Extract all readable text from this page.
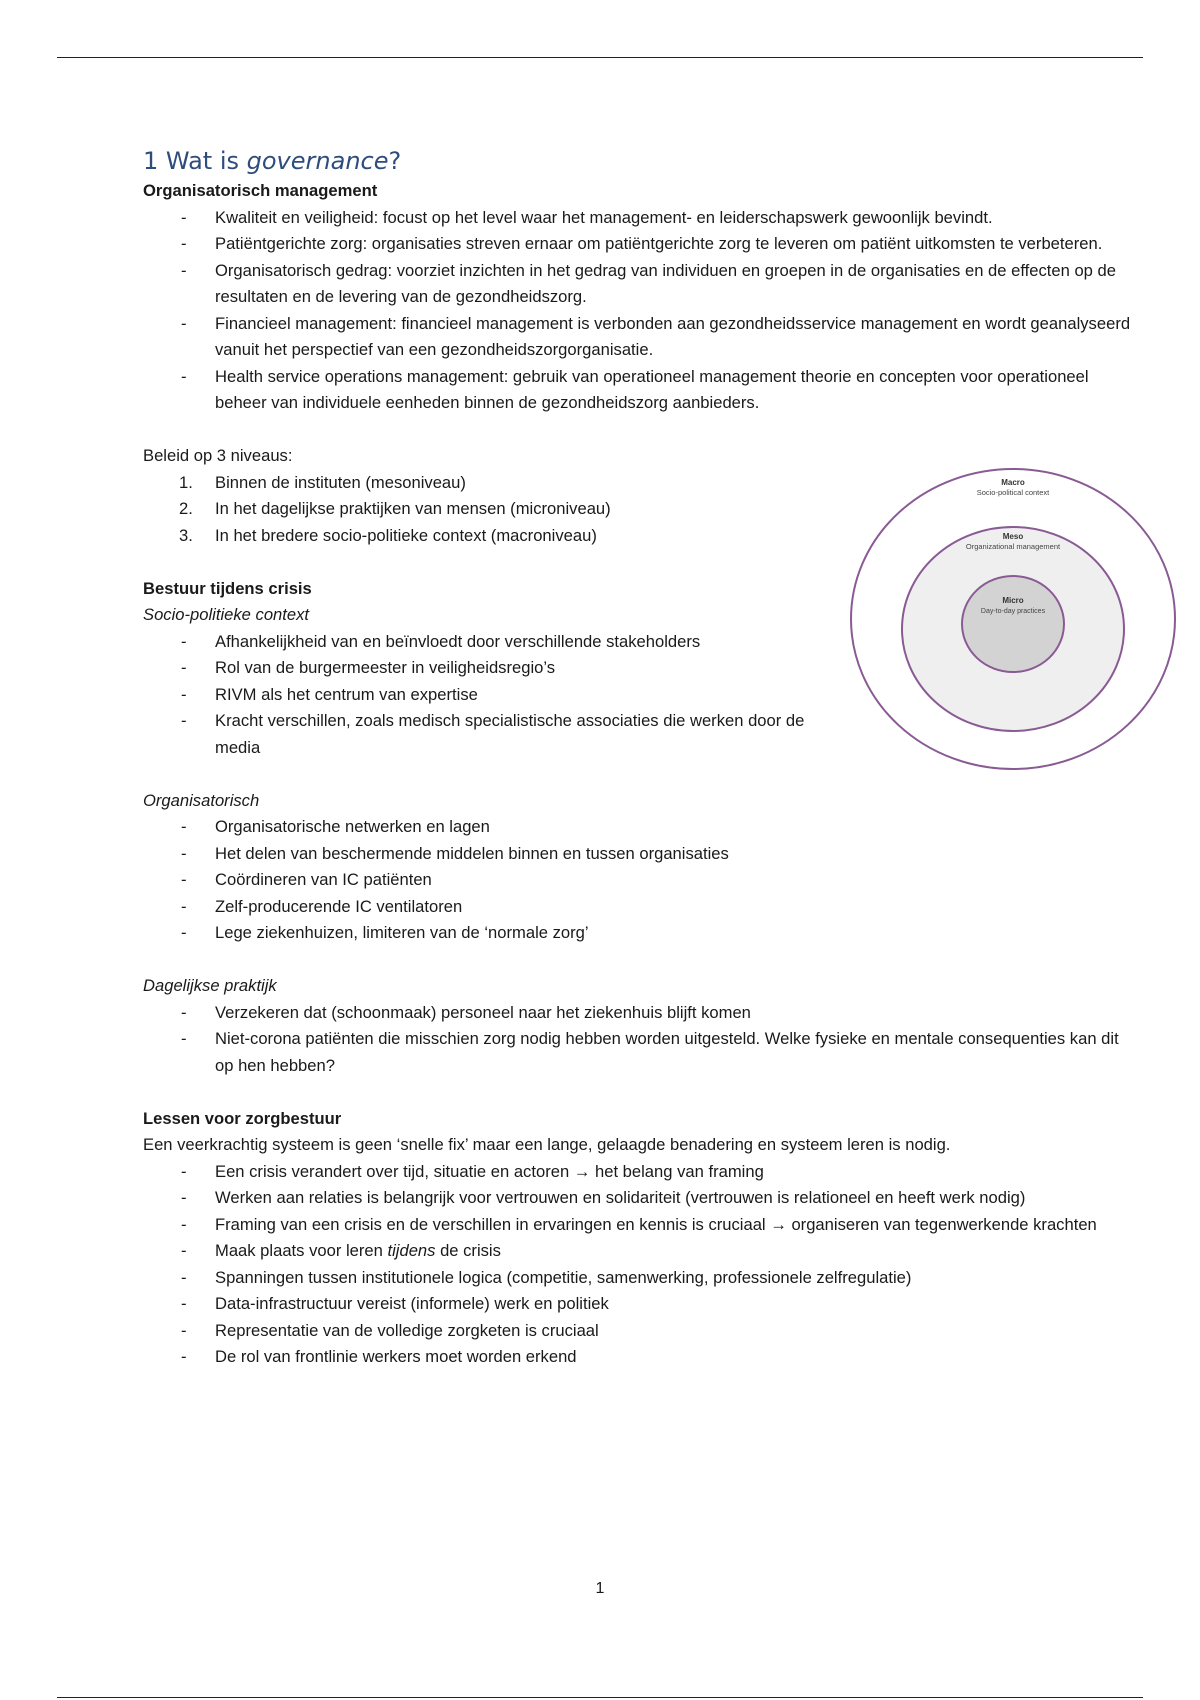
1 Wat is governance?

Organisatorisch management

- Kwaliteit en veiligheid: focust op het level waar het management- en leiderschapswerk gewoonlijk bevindt.
- Patiëntgerichte zorg: organisaties streven ernaar om patiëntgerichte zorg te leveren om patiënt uitkomsten te verbeteren.
- Organisatorisch gedrag: voorziet inzichten in het gedrag van individuen en groepen in de organisaties en de effecten op de resultaten en de levering van de gezondheidszorg.
- Financieel management: financieel management is verbonden aan gezondheidsservice management en wordt geanalyseerd vanuit het perspectief van een gezondheidszorgorganisatie.
- Health service operations management: gebruik van operationeel management theorie en concepten voor operationeel beheer van individuele eenheden binnen de gezondheidszorg aanbieders.

Beleid op 3 niveaus:

1. Binnen de instituten (mesoniveau)
2. In het dagelijkse praktijken van mensen (microniveau)
3. In het bredere socio-politieke context (macroniveau)

Bestuur tijdens crisis

Socio-politieke context

- Afhankelijkheid van en beïnvloedt door verschillende stakeholders
- Rol van de burgermeester in veiligheidsregio’s
- RIVM als het centrum van expertise
- Kracht verschillen, zoals medisch specialistische associaties die werken door de media

Organisatorisch

- Organisatorische netwerken en lagen
- Het delen van beschermende middelen binnen en tussen organisaties
- Coördineren van IC patiënten
- Zelf-producerende IC ventilatoren
- Lege ziekenhuizen, limiteren van de ‘normale zorg’

Dagelijkse praktijk

- Verzekeren dat (schoonmaak) personeel naar het ziekenhuis blijft komen
- Niet-corona patiënten die misschien zorg nodig hebben worden uitgesteld. Welke fysieke en mentale consequenties kan dit op hen hebben?

Lessen voor zorgbestuur

Een veerkrachtig systeem is geen ‘snelle fix’ maar een lange, gelaagde benadering en systeem leren is nodig.

- Een crisis verandert over tijd, situatie en actoren → het belang van framing
- Werken aan relaties is belangrijk voor vertrouwen en solidariteit (vertrouwen is relationeel en heeft werk nodig)
- Framing van een crisis en de verschillen in ervaringen en kennis is cruciaal → organiseren van tegenwerkende krachten
- Maak plaats voor leren tijdens de crisis
- Spanningen tussen institutionele logica (competitie, samenwerking, professionele zelfregulatie)
- Data-infrastructuur vereist (informele) werk en politiek
- Representatie van de volledige zorgketen is cruciaal
- De rol van frontlinie werkers moet worden erkend
Macro
Socio-political context
Meso
Organizational management
Micro
Day-to-day practices
1
